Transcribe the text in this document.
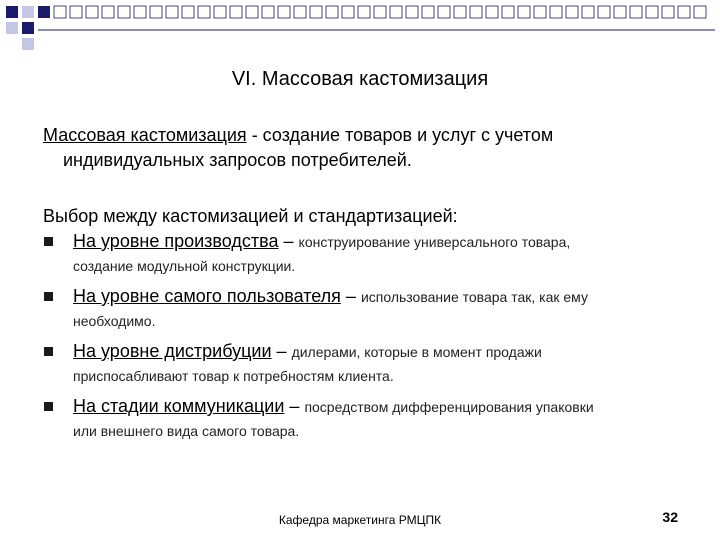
VI. Массовая кастомизация
Массовая кастомизация - создание товаров и услуг с учетом
индивидуальных запросов потребителей.
Выбор между кастомизацией и стандартизацией:
На уровне производства – конструирование универсального товара,
создание модульной конструкции.
На уровне самого пользователя – использование товара так, как ему
необходимо.
На уровне дистрибуции – дилерами, которые в момент продажи
приспосабливают товар к потребностям клиента.
На стадии коммуникации – посредством дифференцирования упаковки
или внешнего вида самого товара.
Кафедра маркетинга РМЦПК	32
